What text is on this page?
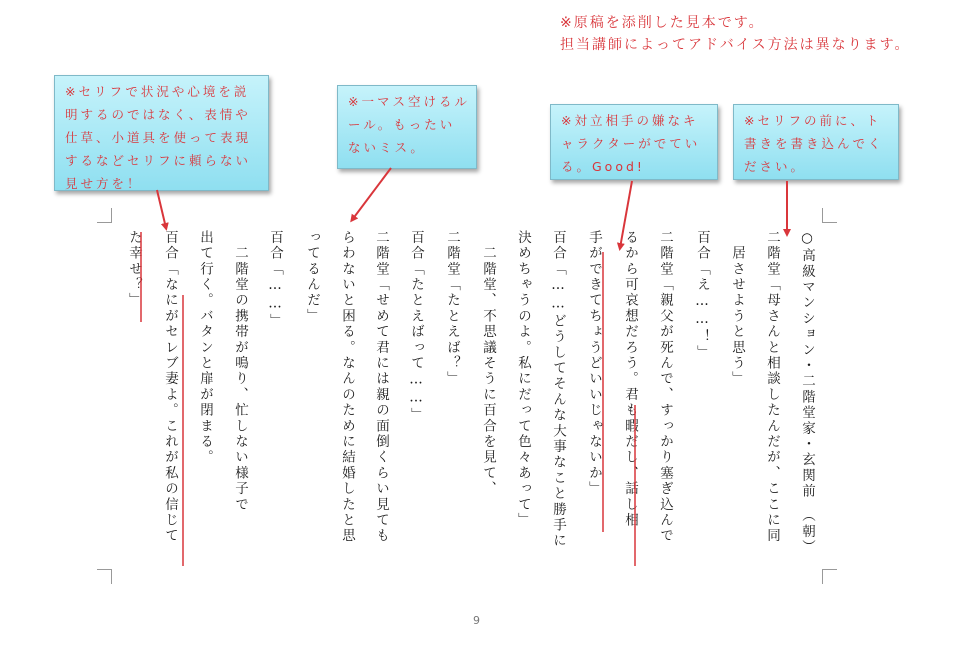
※原稿を添削した見本です。
担当講師によってアドバイス方法は異なります。
※セリフで状況や心境を説明するのではなく、表情や仕草、小道具を使って表現するなどセリフに頼らない見せ方を！
※一マス空けるルール。もったいないミス。
※対立相手の嫌なキャラクターがでている。Good!
※セリフの前に、ト書きを書き込んでください。
○高級マンション・二階堂家・玄関前　（朝）
二階堂「母さんと相談したんだが、ここに同
　居させようと思う」
百合「え……！」
二階堂「親父が死んで、すっかり塞ぎ込んで
るから可哀想だろう。君も暇だし、話し相
手ができてちょうどいいじゃないか」
百合「……どうしてそんな大事なこと勝手に
決めちゃうのよ。私にだって色々あって」
　二階堂、不思議そうに百合を見て、
二階堂「たとえば？」
百合「たとえばって……」
二階堂「せめて君には親の面倒くらい見ても
らわないと困る。なんのために結婚したと思
ってるんだ」
百合「……」
　二階堂の携帯が鳴り、忙しない様子で
出て行く。バタンと扉が閉まる。
百合「なにがセレブ妻よ。これが私の信じて
た幸せ？」
9
